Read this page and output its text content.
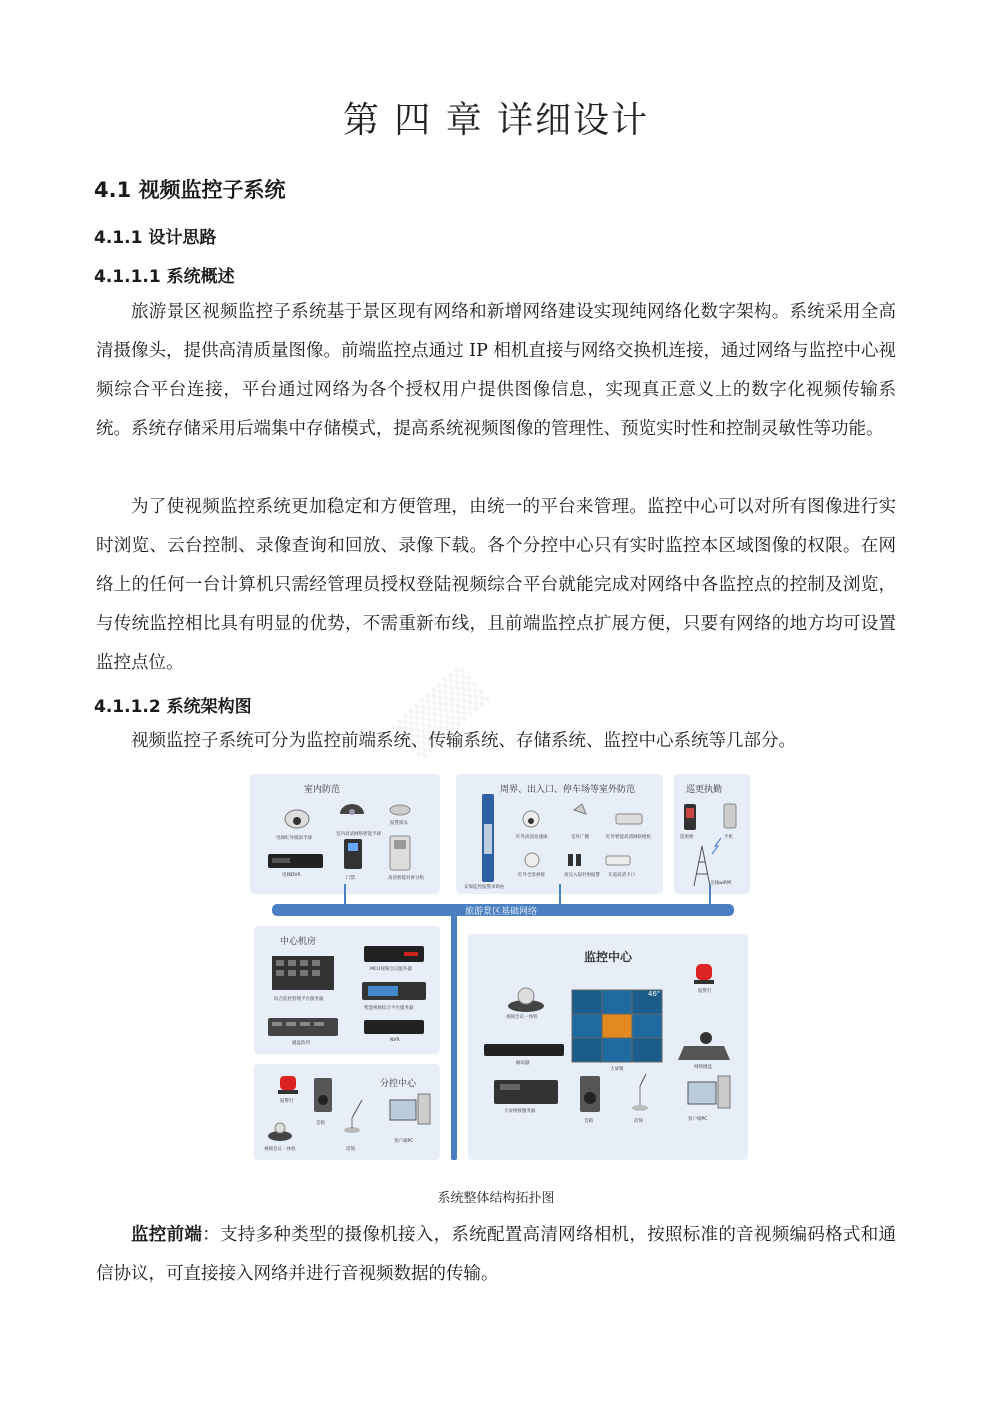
▒▒▒
第 四 章 详细设计
4.1 视频监控子系统
4.1.1 设计思路
4.1.1.1 系统概述

旅游景区视频监控子系统基于景区现有网络和新增网络建设实现纯网络化数字架构。系统采用全高清摄像头，提供高清质量图像。前端监控点通过 IP 相机直接与网络交换机连接，通过网络与监控中心视频综合平台连接，平台通过网络为各个授权用户提供图像信息，实现真正意义上的数字化视频传输系统。系统存储采用后端集中存储模式，提高系统视频图像的管理性、预览实时性和控制灵敏性等功能。

为了使视频监控系统更加稳定和方便管理，由统一的平台来管理。监控中心可以对所有图像进行实时浏览、云台控制、录像查询和回放、录像下载。各个分控中心只有实时监控本区域图像的权限。在网络上的任何一台计算机只需经管理员授权登陆视频综合平台就能完成对网络中各监控点的控制及浏览，与传统监控相比具有明显的优势，不需重新布线，且前端监控点扩展方便，只要有网络的地方均可设置监控点位。

4.1.1.2 系统架构图

视频监控子系统可分为监控前端系统、传输系统、存储系统、监控中心系统等几部分。

室内防范
电梯红外模拟半球
室内高清网络智能半球
报警探头
电梯DVR
门禁	高清智能对讲分机
周界、出入口、停车场等室外防范
红外高清高速球	室外广播	红外智能高清网络枪机
红外全景拼接	高压入侵对射报警 车道高清卡口
安保监控报警求助柱
巡更执勤
巡更棒	手机
无线wifi网
旅游景区基础网络
中心机房
综合监控管理平台服务器
MCU视频会议服务器
智慧视频综合平台服务器
磁盘阵列
NVR
分控中心
报警灯
音箱
话筒
客户端PC
视频会议一体机
监控中心
46"
视频会议一体机
解码器
大屏墙
报警灯
网络键盘
大屏拼接服务器
音箱	话筒	客户端PC
系统整体结构拓扑图

监控前端：支持多种类型的摄像机接入，系统配置高清网络相机，按照标准的音视频编码格式和通信协议，可直接接入网络并进行音视频数据的传输。
